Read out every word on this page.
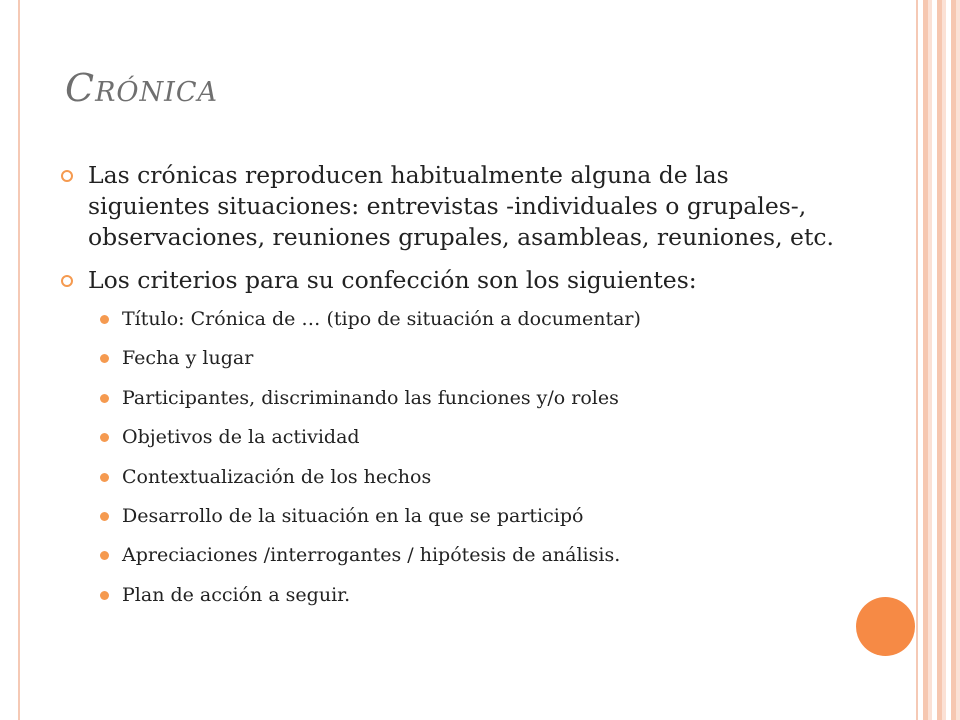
Crónica
Las crónicas reproducen habitualmente alguna de las siguientes situaciones: entrevistas -individuales o grupales-, observaciones, reuniones grupales, asambleas, reuniones, etc.
Los criterios para su confección son los siguientes:
Título: Crónica de … (tipo de situación a documentar)
Fecha y lugar
Participantes, discriminando las funciones y/o roles
Objetivos de la actividad
Contextualización de los hechos
Desarrollo de la situación en la que se participó
Apreciaciones /interrogantes / hipótesis de análisis.
Plan de acción a seguir.
